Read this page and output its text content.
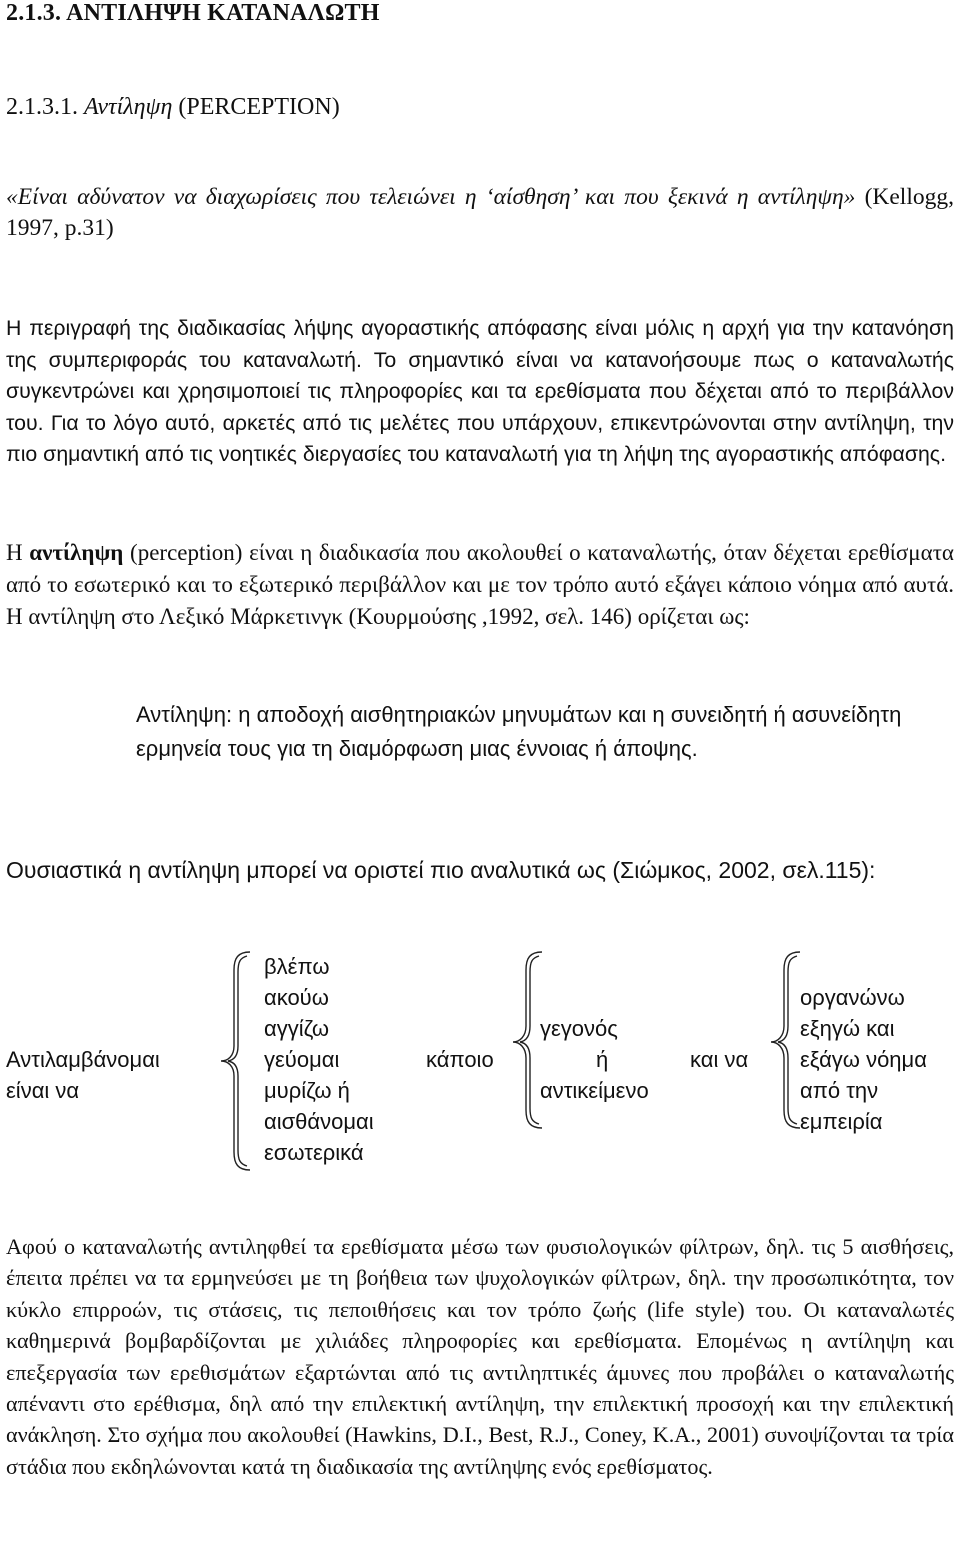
2.1.3. ΑΝΤΙΛΗΨΗ ΚΑΤΑΝΑΛΩΤΗ
2.1.3.1. Αντίληψη (PERCEPTION)
«Είναι αδύνατον να διαχωρίσεις που τελειώνει η ‘αίσθηση’ και που ξεκινά η αντίληψη» (Kellogg, 1997, p.31)
Η περιγραφή της διαδικασίας λήψης αγοραστικής απόφασης είναι μόλις η αρχή για την κατανόηση της συμπεριφοράς του καταναλωτή. Το σημαντικό είναι να κατανοήσουμε πως ο καταναλωτής συγκεντρώνει και χρησιμοποιεί τις πληροφορίες και τα ερεθίσματα που δέχεται από το περιβάλλον του. Για το λόγο αυτό, αρκετές από τις μελέτες που υπάρχουν, επικεντρώνονται στην αντίληψη, την πιο σημαντική από τις νοητικές διεργασίες του καταναλωτή για τη λήψη της αγοραστικής απόφασης.
Η αντίληψη (perception) είναι η διαδικασία που ακολουθεί ο καταναλωτής, όταν δέχεται ερεθίσματα από το εσωτερικό και το εξωτερικό περιβάλλον και με τον τρόπο αυτό εξάγει κάποιο νόημα από αυτά. Η αντίληψη στο Λεξικό Μάρκετινγκ (Κουρμούσης ,1992, σελ. 146) ορίζεται ως:
Αντίληψη: η αποδοχή αισθητηριακών μηνυμάτων και η συνειδητή ή ασυνείδητη ερμηνεία τους για τη διαμόρφωση μιας έννοιας ή άποψης.
Ουσιαστικά η αντίληψη μπορεί να οριστεί πιο αναλυτικά ως (Σιώμκος, 2002, σελ.115):
Αντιλαμβάνομαι
είναι να
βλέπω
ακούω
αγγίζω
γεύομαι
μυρίζω ή
αισθάνομαι
εσωτερικά
κάποιο
γεγονός
ή
αντικείμενο
και να
οργανώνω
εξηγώ και
εξάγω νόημα
από την
εμπειρία
Αφού ο καταναλωτής αντιληφθεί τα ερεθίσματα μέσω των φυσιολογικών φίλτρων, δηλ. τις 5 αισθήσεις, έπειτα πρέπει να τα ερμηνεύσει με τη βοήθεια των ψυχολογικών φίλτρων, δηλ. την προσωπικότητα, τον κύκλο επιρροών, τις στάσεις, τις πεποιθήσεις και τον τρόπο ζωής (life style) του. Οι καταναλωτές καθημερινά βομβαρδίζονται με χιλιάδες πληροφορίες και ερεθίσματα. Επομένως η αντίληψη και επεξεργασία των ερεθισμάτων εξαρτώνται από τις αντιληπτικές άμυνες που προβάλει ο καταναλωτής απέναντι στο ερέθισμα, δηλ από την επιλεκτική αντίληψη, την επιλεκτική προσοχή και την επιλεκτική ανάκληση. Στο σχήμα που ακολουθεί (Hawkins, D.I., Best, R.J., Coney, K.A., 2001) συνοψίζονται τα τρία στάδια που εκδηλώνονται κατά τη διαδικασία της αντίληψης ενός ερεθίσματος.
